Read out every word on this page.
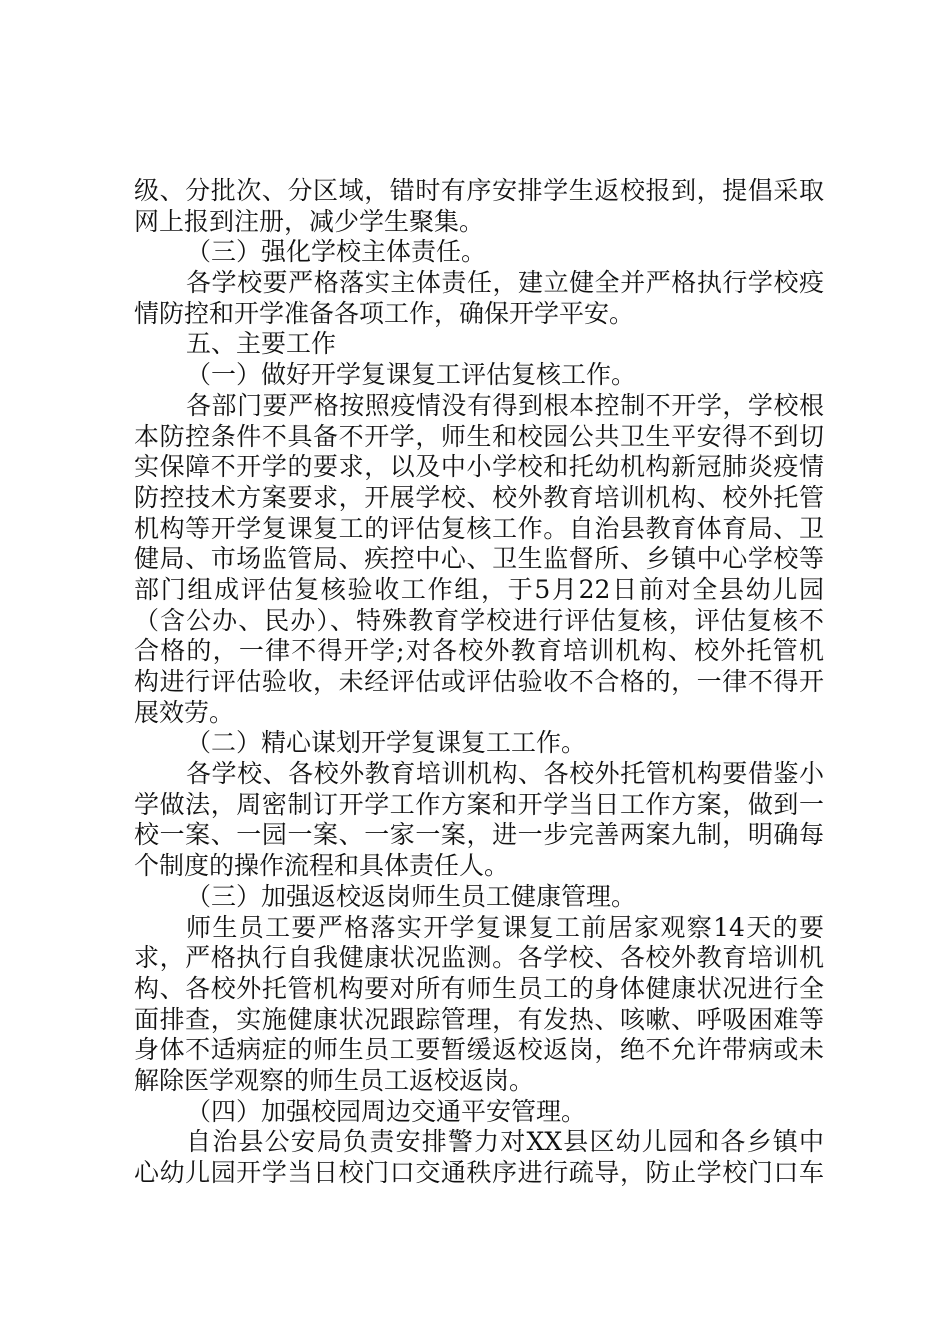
级、分批次、分区域，错时有序安排学生返校报到，提倡采取
网上报到注册，减少学生聚集。
（三）强化学校主体责任。
各学校要严格落实主体责任，建立健全并严格执行学校疫
情防控和开学准备各项工作，确保开学平安。
五、主要工作
（一）做好开学复课复工评估复核工作。
各部门要严格按照疫情没有得到根本控制不开学，学校根
本防控条件不具备不开学，师生和校园公共卫生平安得不到切
实保障不开学的要求，以及中小学校和托幼机构新冠肺炎疫情
防控技术方案要求，开展学校、校外教育培训机构、校外托管
机构等开学复课复工的评估复核工作。自治县教育体育局、卫
健局、市场监管局、疾控中心、卫生监督所、乡镇中心学校等
部门组成评估复核验收工作组，于5月22日前对全县幼儿园
（含公办、民办）、特殊教育学校进行评估复核，评估复核不
合格的，一律不得开学;对各校外教育培训机构、校外托管机
构进行评估验收，未经评估或评估验收不合格的，一律不得开
展效劳。
（二）精心谋划开学复课复工工作。
各学校、各校外教育培训机构、各校外托管机构要借鉴小
学做法，周密制订开学工作方案和开学当日工作方案，做到一
校一案、一园一案、一家一案，进一步完善两案九制，明确每
个制度的操作流程和具体责任人。
（三）加强返校返岗师生员工健康管理。
师生员工要严格落实开学复课复工前居家观察14天的要
求，严格执行自我健康状况监测。各学校、各校外教育培训机
构、各校外托管机构要对所有师生员工的身体健康状况进行全
面排查，实施健康状况跟踪管理，有发热、咳嗽、呼吸困难等
身体不适病症的师生员工要暂缓返校返岗，绝不允许带病或未
解除医学观察的师生员工返校返岗。
（四）加强校园周边交通平安管理。
自治县公安局负责安排警力对XX县区幼儿园和各乡镇中
心幼儿园开学当日校门口交通秩序进行疏导，防止学校门口车
